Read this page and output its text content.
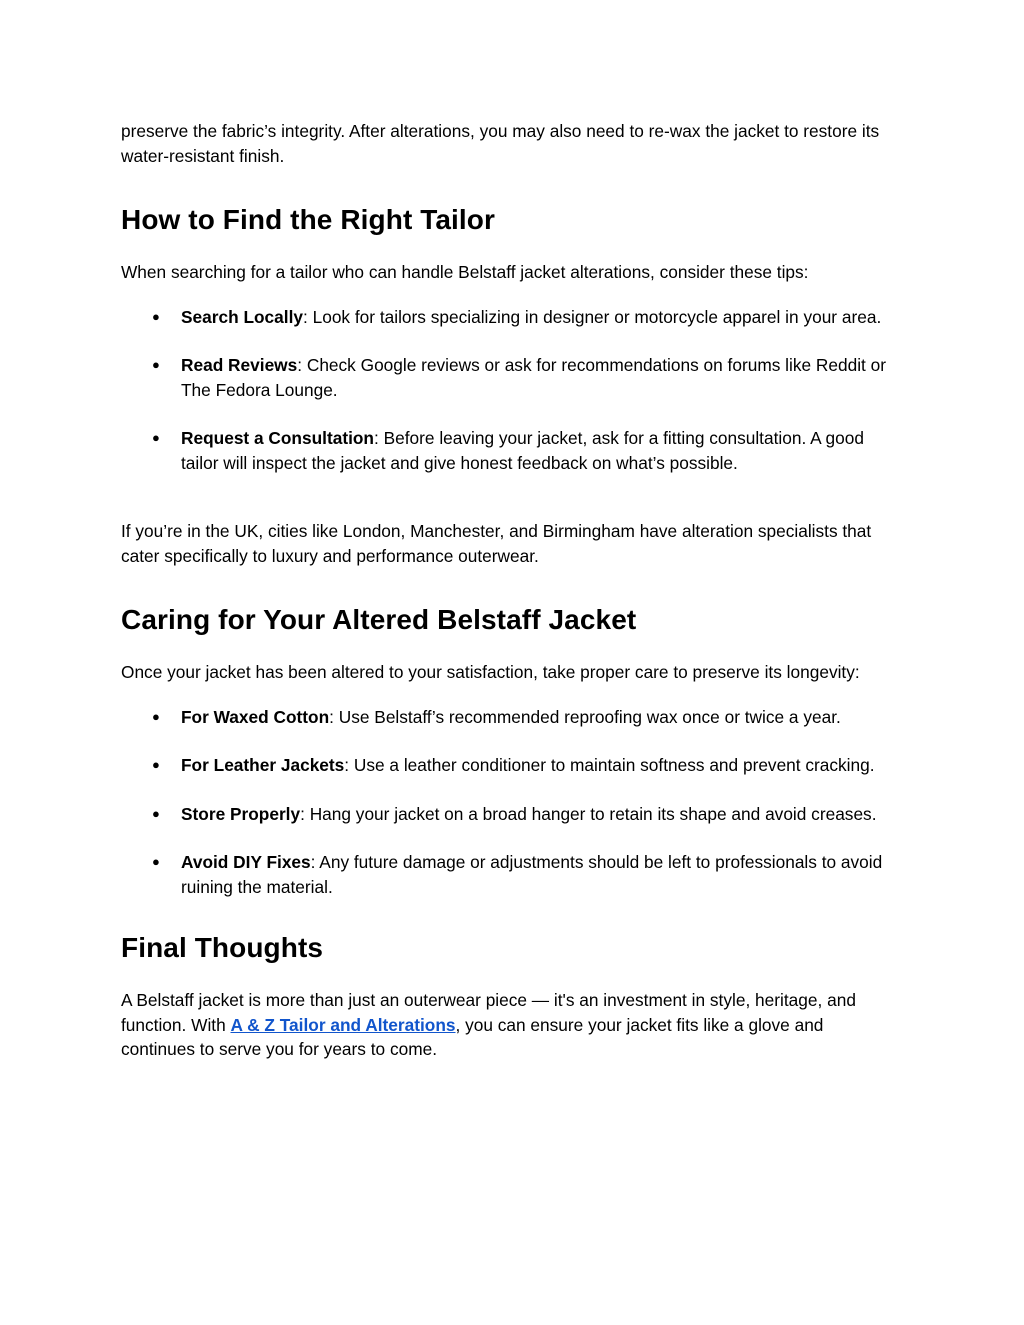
preserve the fabric’s integrity. After alterations, you may also need to re-wax the jacket to restore its water-resistant finish.

How to Find the Right Tailor

When searching for a tailor who can handle Belstaff jacket alterations, consider these tips:

● Search Locally: Look for tailors specializing in designer or motorcycle apparel in your area.
● Read Reviews: Check Google reviews or ask for recommendations on forums like Reddit or The Fedora Lounge.
● Request a Consultation: Before leaving your jacket, ask for a fitting consultation. A good tailor will inspect the jacket and give honest feedback on what’s possible.

If you’re in the UK, cities like London, Manchester, and Birmingham have alteration specialists that cater specifically to luxury and performance outerwear.

Caring for Your Altered Belstaff Jacket

Once your jacket has been altered to your satisfaction, take proper care to preserve its longevity:

● For Waxed Cotton: Use Belstaff’s recommended reproofing wax once or twice a year.
● For Leather Jackets: Use a leather conditioner to maintain softness and prevent cracking.
● Store Properly: Hang your jacket on a broad hanger to retain its shape and avoid creases.
● Avoid DIY Fixes: Any future damage or adjustments should be left to professionals to avoid ruining the material.
Final Thoughts

A Belstaff jacket is more than just an outerwear piece — it's an investment in style, heritage, and function. With A & Z Tailor and Alterations, you can ensure your jacket fits like a glove and continues to serve you for years to come.
